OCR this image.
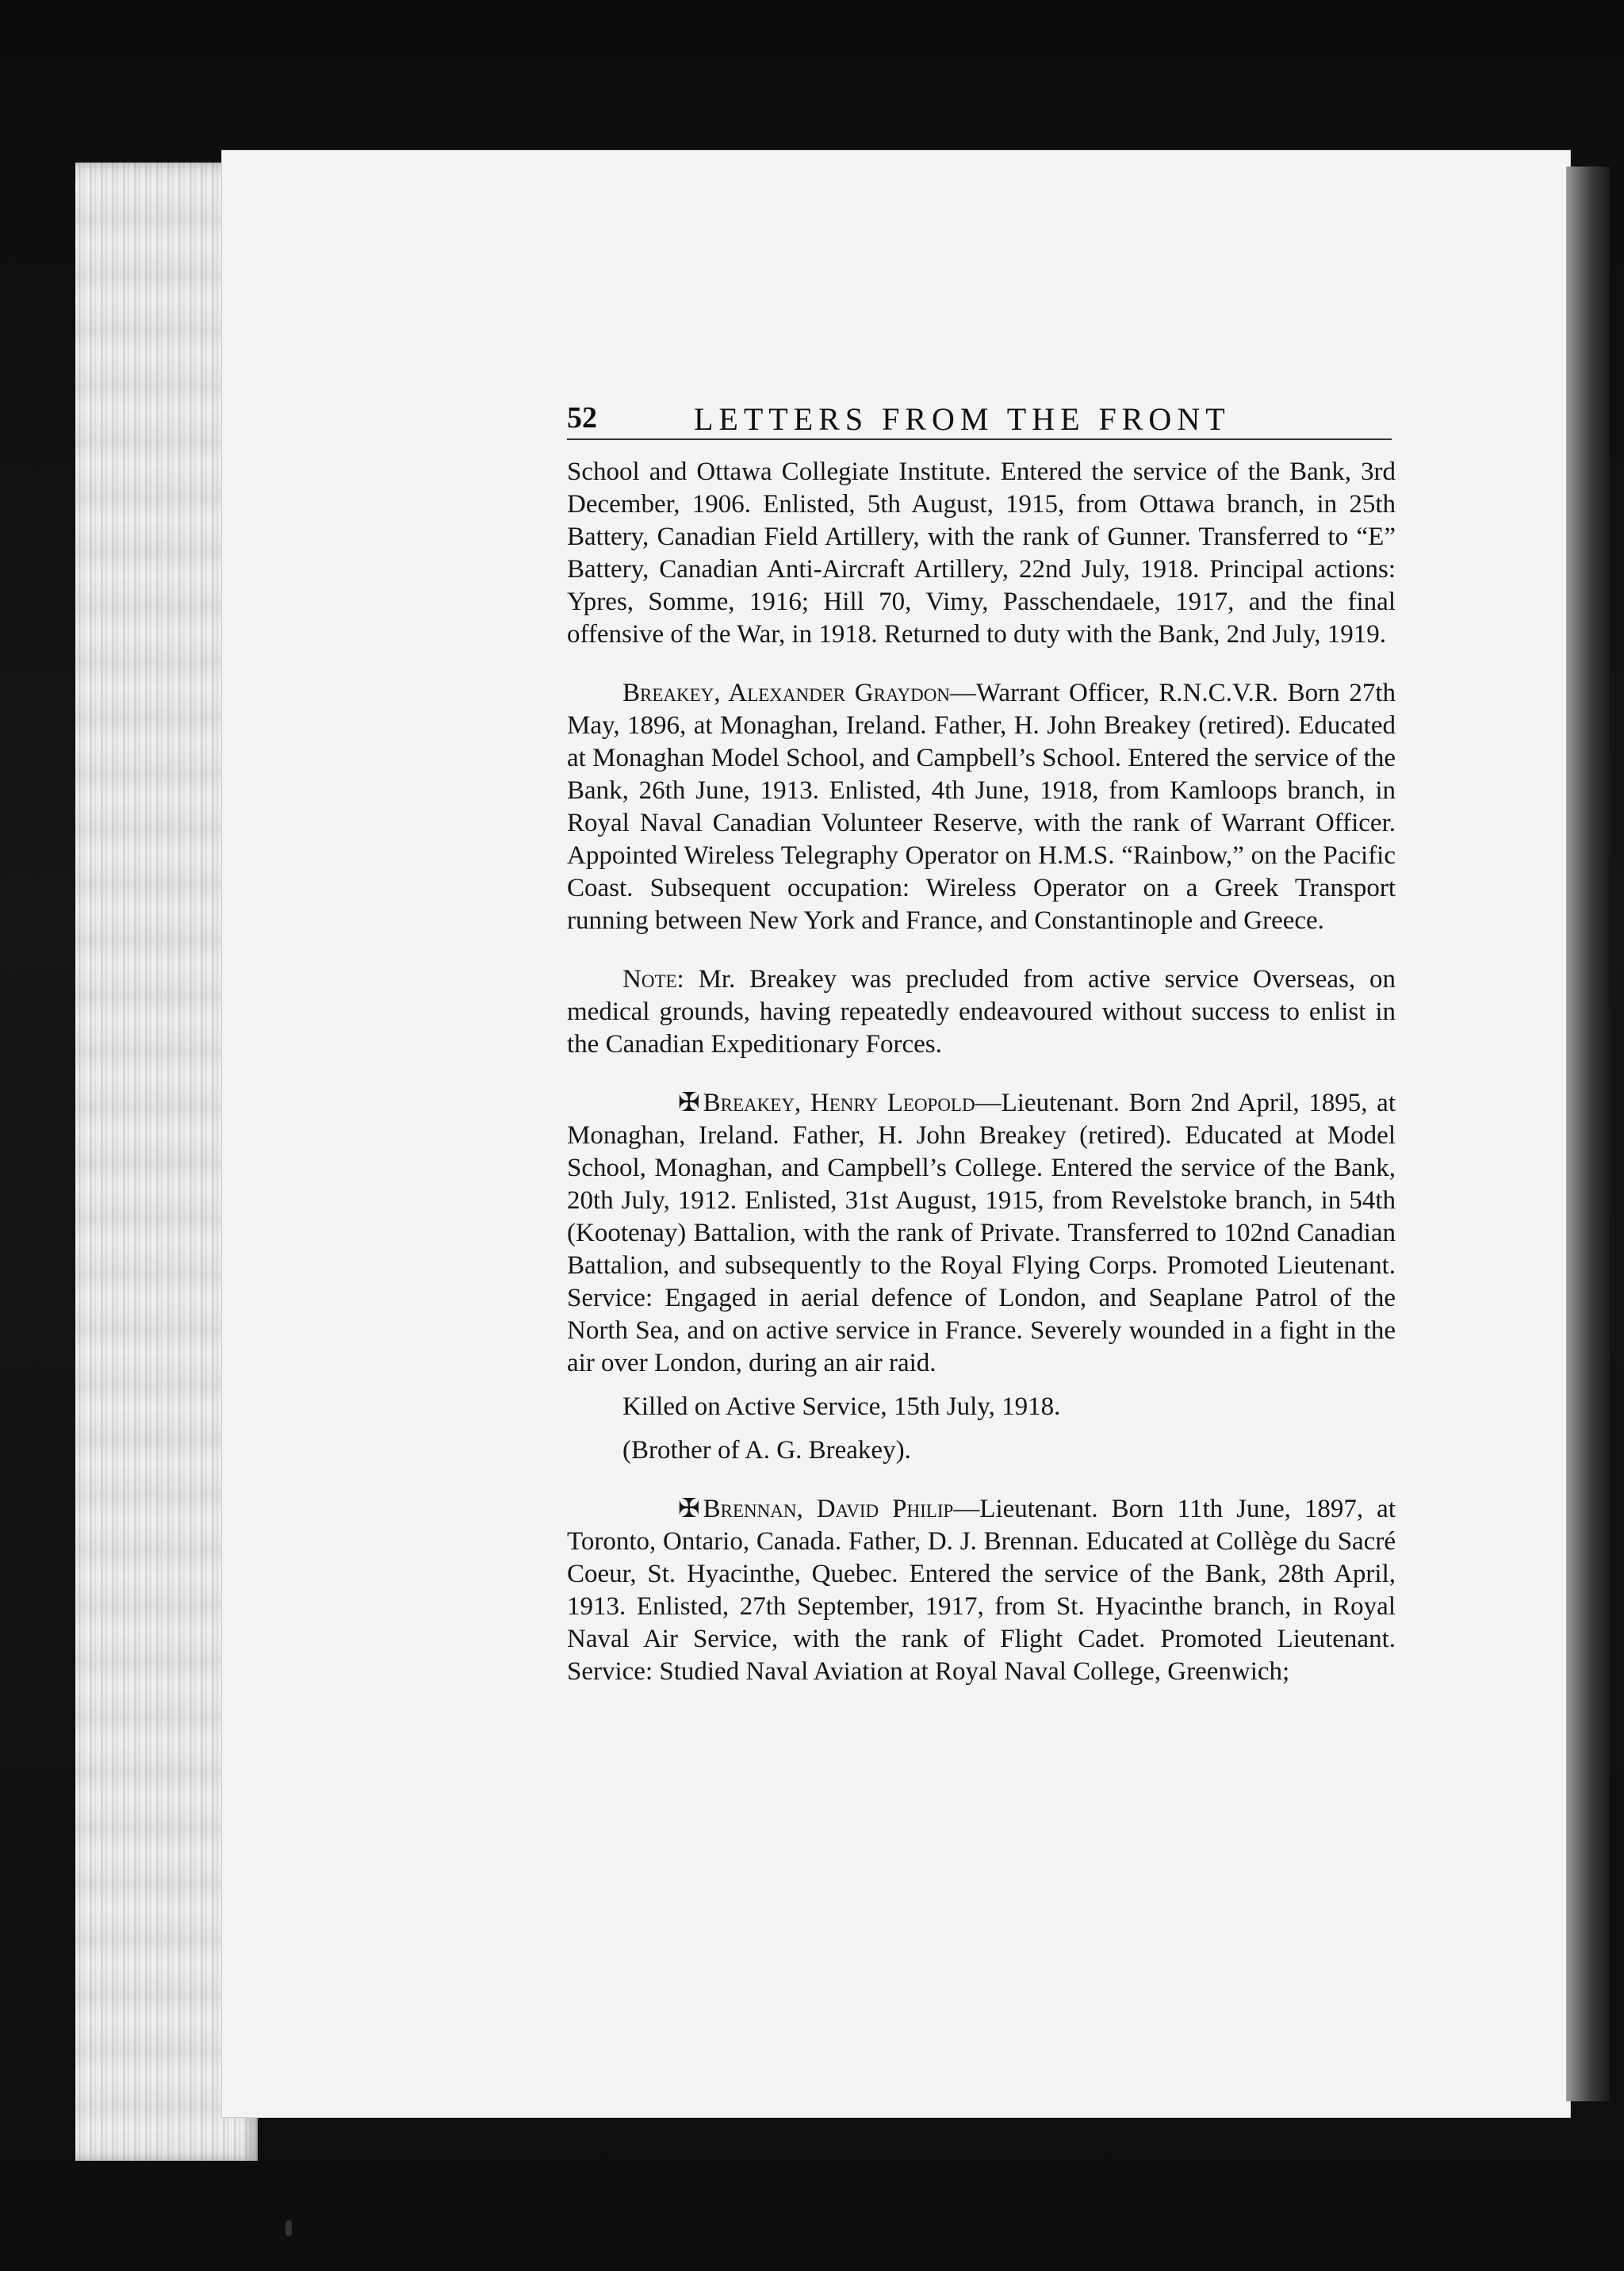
52	LETTERS FROM THE FRONT

School and Ottawa Collegiate Institute. Entered the service of the Bank, 3rd December, 1906. Enlisted, 5th August, 1915, from Ottawa branch, in 25th Battery, Canadian Field Artillery, with the rank of Gunner. Transferred to “E” Battery, Canadian Anti-Aircraft Artillery, 22nd July, 1918. Principal actions: Ypres, Somme, 1916; Hill 70, Vimy, Passchendaele, 1917, and the final offensive of the War, in 1918. Returned to duty with the Bank, 2nd July, 1919.

Breakey, Alexander Graydon—Warrant Officer, R.N.C.V.R. Born 27th May, 1896, at Monaghan, Ireland. Father, H. John Breakey (retired). Educated at Monaghan Model School, and Campbell’s School. Entered the service of the Bank, 26th June, 1913. Enlisted, 4th June, 1918, from Kamloops branch, in Royal Naval Canadian Volunteer Reserve, with the rank of Warrant Officer. Appointed Wireless Telegraphy Operator on H.M.S. “Rainbow,” on the Pacific Coast. Subsequent occupation: Wireless Operator on a Greek Transport running between New York and France, and Constantinople and Greece.

Note: Mr. Breakey was precluded from active service Overseas, on medical grounds, having repeatedly endeavoured without success to enlist in the Canadian Expeditionary Forces.

✠ Breakey, Henry Leopold—Lieutenant. Born 2nd April, 1895, at Monaghan, Ireland. Father, H. John Breakey (retired). Educated at Model School, Monaghan, and Campbell’s College. Entered the service of the Bank, 20th July, 1912. Enlisted, 31st August, 1915, from Revelstoke branch, in 54th (Kootenay) Battalion, with the rank of Private. Transferred to 102nd Canadian Battalion, and subsequently to the Royal Flying Corps. Promoted Lieutenant. Service: Engaged in aerial defence of London, and Seaplane Patrol of the North Sea, and on active service in France. Severely wounded in a fight in the air over London, during an air raid.

Killed on Active Service, 15th July, 1918.

(Brother of A. G. Breakey).

✠ Brennan, David Philip—Lieutenant. Born 11th June, 1897, at Toronto, Ontario, Canada. Father, D. J. Brennan. Educated at Collège du Sacré Coeur, St. Hyacinthe, Quebec. Entered the service of the Bank, 28th April, 1913. Enlisted, 27th September, 1917, from St. Hyacinthe branch, in Royal Naval Air Service, with the rank of Flight Cadet. Promoted Lieutenant. Service: Studied Naval Aviation at Royal Naval College, Greenwich;
